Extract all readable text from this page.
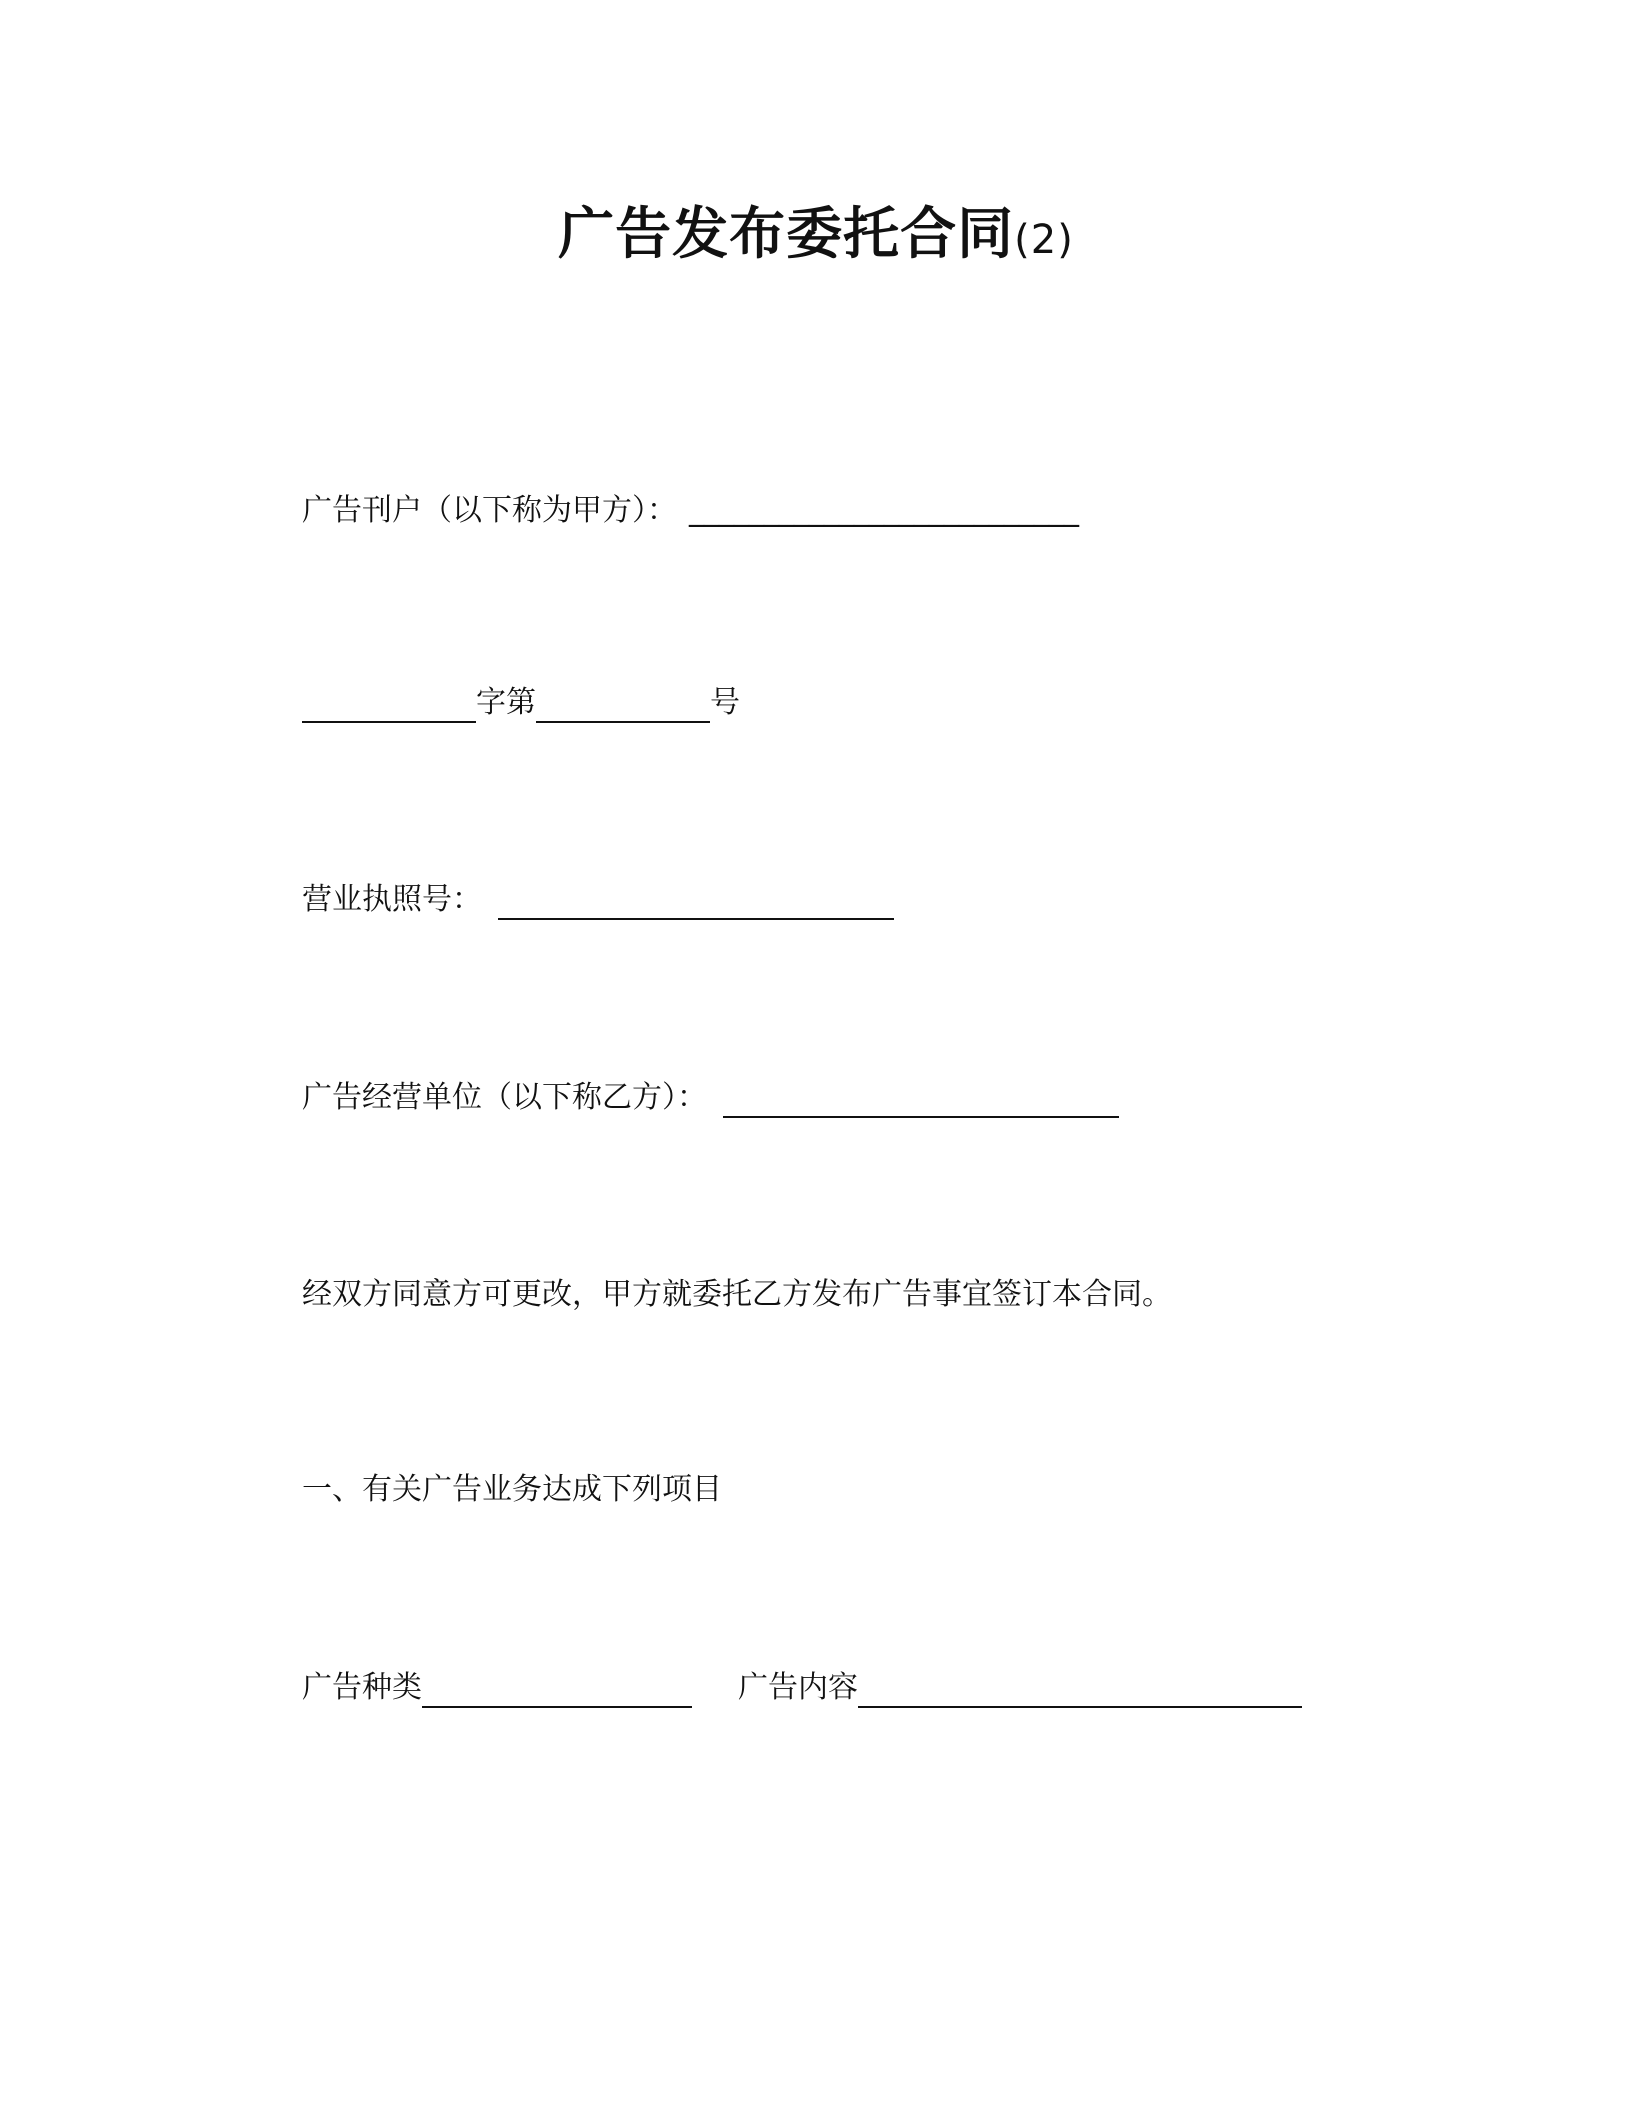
广告发布委托合同(2)
广告刊户（以下称为甲方）： __________________________
字第	号
营业执照号：
广告经营单位（以下称乙方）：
经双方同意方可更改，甲方就委托乙方发布广告事宜签订本合同。
一、有关广告业务达成下列项目
广告种类	广告内容
